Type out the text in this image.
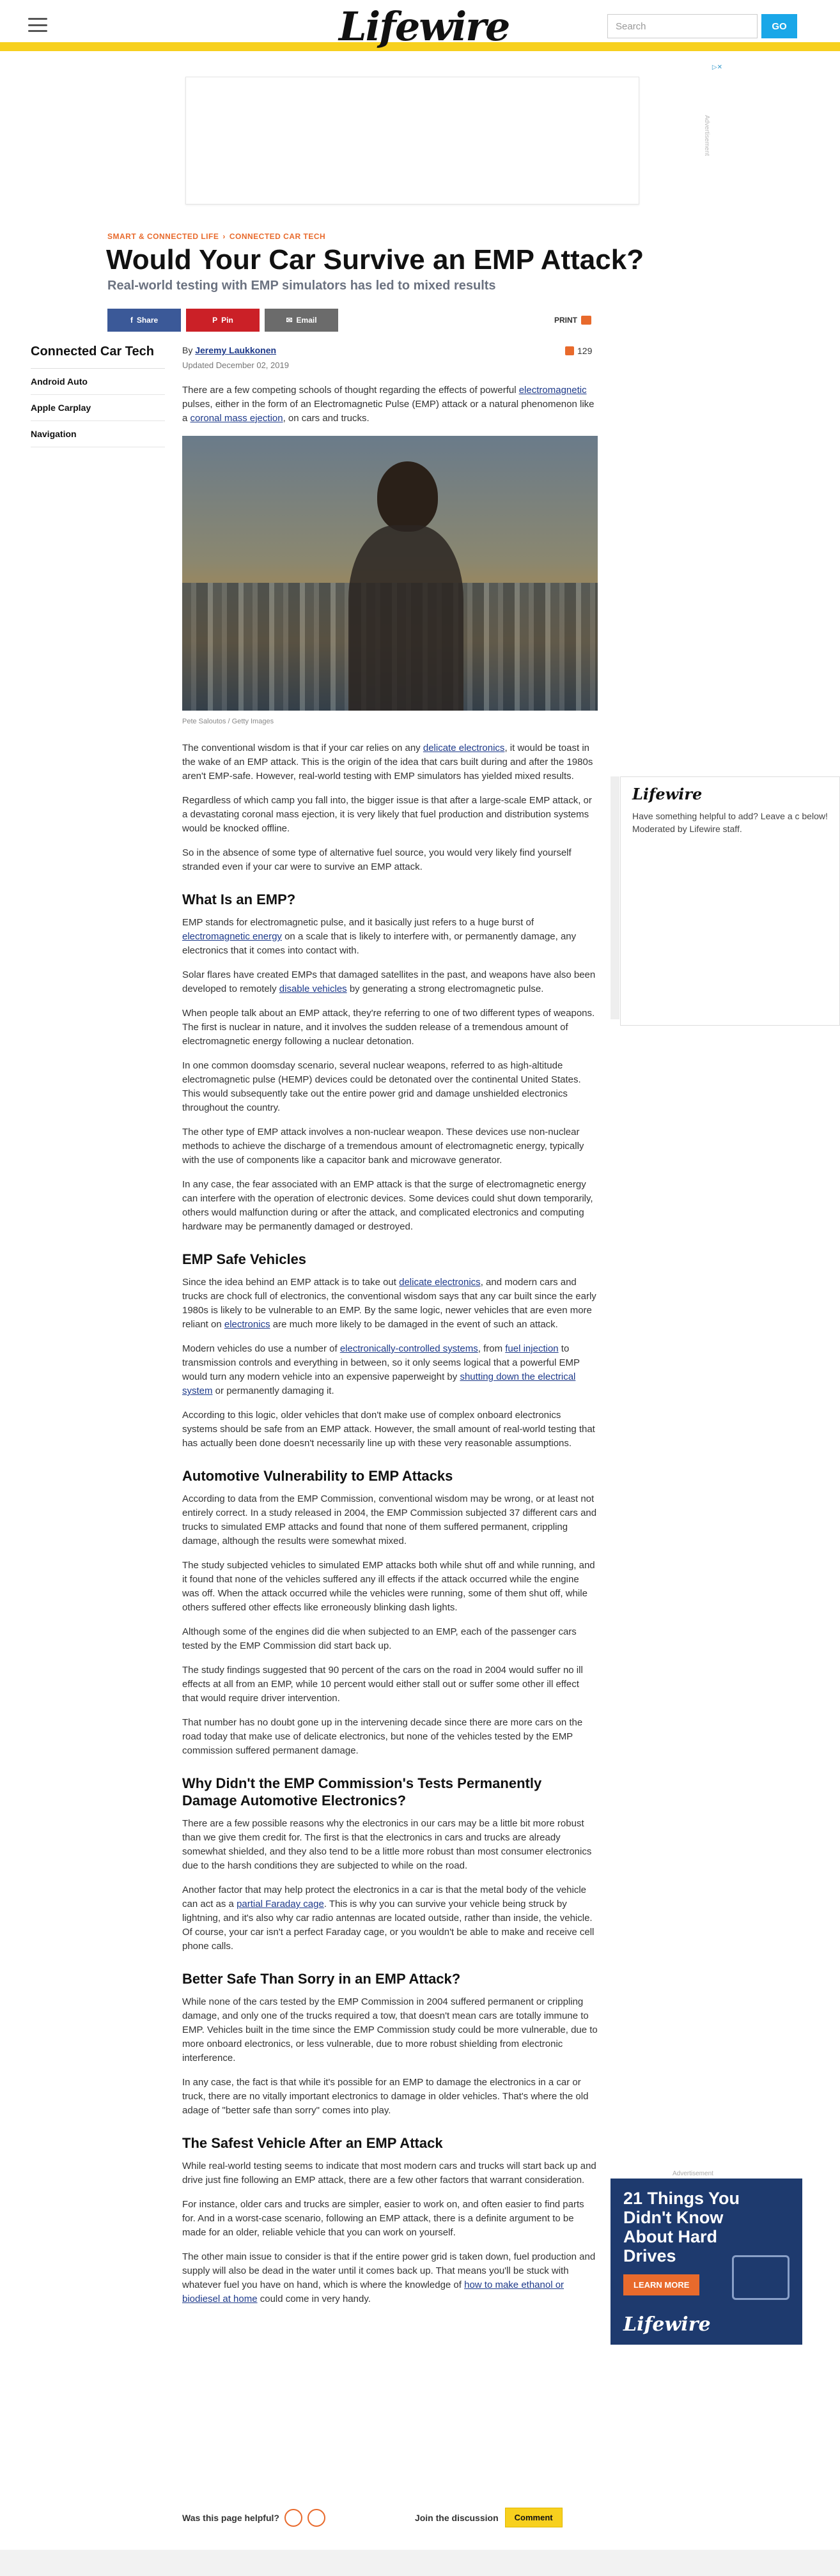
Lifewire
Search	GO
▷✕
Advertisement
SMART & CONNECTED LIFE › CONNECTED CAR TECH
Would Your Car Survive an EMP Attack?
Real-world testing with EMP simulators has led to mixed results
f Share	P Pin	✉ Email	PRINT
Connected Car Tech
Android Auto
Apple Carplay
Navigation
By Jeremy Laukkonen
Updated December 02, 2019
129

There are a few competing schools of thought regarding the effects of powerful electromagnetic pulses, either in the form of an Electromagnetic Pulse (EMP) attack or a natural phenomenon like a coronal mass ejection, on cars and trucks.

Pete Saloutos / Getty Images

The conventional wisdom is that if your car relies on any delicate electronics, it would be toast in the wake of an EMP attack. This is the origin of the idea that cars built during and after the 1980s aren't EMP-safe. However, real-world testing with EMP simulators has yielded mixed results.

Regardless of which camp you fall into, the bigger issue is that after a large-scale EMP attack, or a devastating coronal mass ejection, it is very likely that fuel production and distribution systems would be knocked offline.

So in the absence of some type of alternative fuel source, you would very likely find yourself stranded even if your car were to survive an EMP attack.

What Is an EMP?

EMP stands for electromagnetic pulse, and it basically just refers to a huge burst of electromagnetic energy on a scale that is likely to interfere with, or permanently damage, any electronics that it comes into contact with.

Solar flares have created EMPs that damaged satellites in the past, and weapons have also been developed to remotely disable vehicles by generating a strong electromagnetic pulse.

When people talk about an EMP attack, they're referring to one of two different types of weapons. The first is nuclear in nature, and it involves the sudden release of a tremendous amount of electromagnetic energy following a nuclear detonation.

In one common doomsday scenario, several nuclear weapons, referred to as high-altitude electromagnetic pulse (HEMP) devices could be detonated over the continental United States. This would subsequently take out the entire power grid and damage unshielded electronics throughout the country.

The other type of EMP attack involves a non-nuclear weapon. These devices use non-nuclear methods to achieve the discharge of a tremendous amount of electromagnetic energy, typically with the use of components like a capacitor bank and microwave generator.

In any case, the fear associated with an EMP attack is that the surge of electromagnetic energy can interfere with the operation of electronic devices. Some devices could shut down temporarily, others would malfunction during or after the attack, and complicated electronics and computing hardware may be permanently damaged or destroyed.

EMP Safe Vehicles

Since the idea behind an EMP attack is to take out delicate electronics, and modern cars and trucks are chock full of electronics, the conventional wisdom says that any car built since the early 1980s is likely to be vulnerable to an EMP. By the same logic, newer vehicles that are even more reliant on electronics are much more likely to be damaged in the event of such an attack.

Modern vehicles do use a number of electronically-controlled systems, from fuel injection to transmission controls and everything in between, so it only seems logical that a powerful EMP would turn any modern vehicle into an expensive paperweight by shutting down the electrical system or permanently damaging it.

According to this logic, older vehicles that don't make use of complex onboard electronics systems should be safe from an EMP attack. However, the small amount of real-world testing that has actually been done doesn't necessarily line up with these very reasonable assumptions.

Automotive Vulnerability to EMP Attacks

According to data from the EMP Commission, conventional wisdom may be wrong, or at least not entirely correct. In a study released in 2004, the EMP Commission subjected 37 different cars and trucks to simulated EMP attacks and found that none of them suffered permanent, crippling damage, although the results were somewhat mixed.

The study subjected vehicles to simulated EMP attacks both while shut off and while running, and it found that none of the vehicles suffered any ill effects if the attack occurred while the engine was off. When the attack occurred while the vehicles were running, some of them shut off, while others suffered other effects like erroneously blinking dash lights.

Although some of the engines did die when subjected to an EMP, each of the passenger cars tested by the EMP Commission did start back up.

The study findings suggested that 90 percent of the cars on the road in 2004 would suffer no ill effects at all from an EMP, while 10 percent would either stall out or suffer some other ill effect that would require driver intervention.

That number has no doubt gone up in the intervening decade since there are more cars on the road today that make use of delicate electronics, but none of the vehicles tested by the EMP commission suffered permanent damage.

Why Didn't the EMP Commission's Tests Permanently Damage Automotive Electronics?

There are a few possible reasons why the electronics in our cars may be a little bit more robust than we give them credit for. The first is that the electronics in cars and trucks are already somewhat shielded, and they also tend to be a little more robust than most consumer electronics due to the harsh conditions they are subjected to while on the road.

Another factor that may help protect the electronics in a car is that the metal body of the vehicle can act as a partial Faraday cage. This is why you can survive your vehicle being struck by lightning, and it's also why car radio antennas are located outside, rather than inside, the vehicle. Of course, your car isn't a perfect Faraday cage, or you wouldn't be able to make and receive cell phone calls.

Better Safe Than Sorry in an EMP Attack?

While none of the cars tested by the EMP Commission in 2004 suffered permanent or crippling damage, and only one of the trucks required a tow, that doesn't mean cars are totally immune to EMP. Vehicles built in the time since the EMP Commission study could be more vulnerable, due to more onboard electronics, or less vulnerable, due to more robust shielding from electronic interference.

In any case, the fact is that while it's possible for an EMP to damage the electronics in a car or truck, there are no vitally important electronics to damage in older vehicles. That's where the old adage of "better safe than sorry" comes into play.

The Safest Vehicle After an EMP Attack

While real-world testing seems to indicate that most modern cars and trucks will start back up and drive just fine following an EMP attack, there are a few other factors that warrant consideration.

For instance, older cars and trucks are simpler, easier to work on, and often easier to find parts for. And in a worst-case scenario, following an EMP attack, there is a definite argument to be made for an older, reliable vehicle that you can work on yourself.

The other main issue to consider is that if the entire power grid is taken down, fuel production and supply will also be dead in the water until it comes back up. That means you'll be stuck with whatever fuel you have on hand, which is where the knowledge of how to make ethanol or biodiesel at home could come in very handy.

Lifewire
Have something helpful to add? Leave a c below! Moderated by Lifewire staff.
Advertisement
21 Things You Didn't Know About Hard Drives
LEARN MORE
Lifewire
Was this page helpful?	Join the discussion	Comment
